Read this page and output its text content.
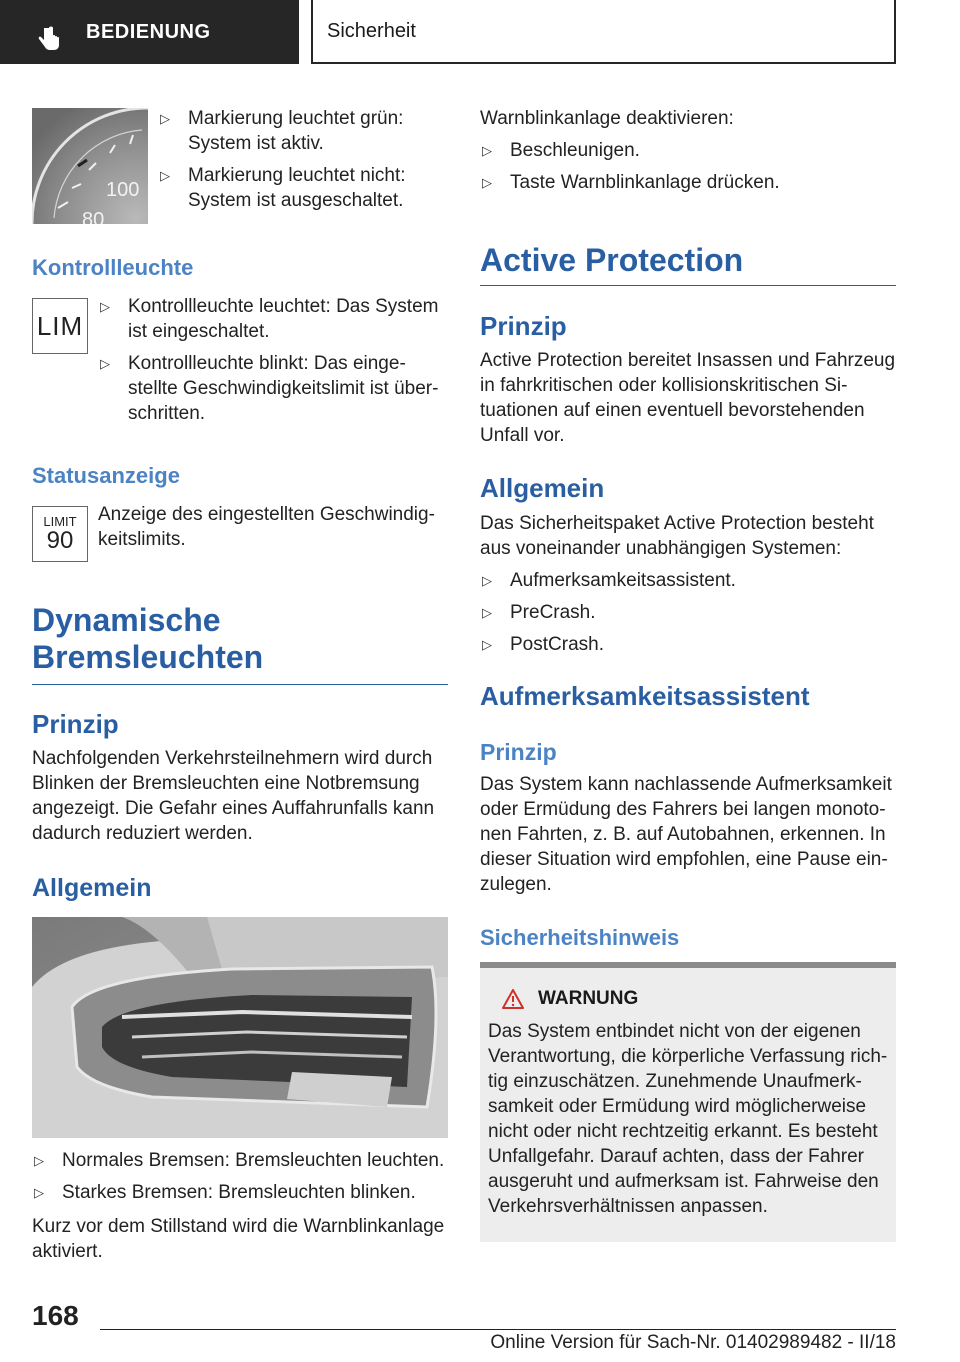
BEDIENUNG	Sicherheit
100
80
▷ Markierung leuchtet grün: System ist aktiv.
▷ Markierung leuchtet nicht: System ist ausgeschaltet.
Kontrollleuchte
LIM
▷ Kontrollleuchte leuchtet: Das System ist eingeschaltet.
▷ Kontrollleuchte blinkt: Das eingestellte Geschwindigkeitslimit ist überschritten.
Statusanzeige
LIMIT
90
Anzeige des eingestellten Geschwindigkeitslimits.
Dynamische Bremsleuchten
Prinzip
Nachfolgenden Verkehrsteilnehmern wird durch Blinken der Bremsleuchten eine Notbremsung angezeigt. Die Gefahr eines Auffahrunfalls kann dadurch reduziert werden.
Allgemein
▷ Normales Bremsen: Bremsleuchten leuchten.
▷ Starkes Bremsen: Bremsleuchten blinken.
Kurz vor dem Stillstand wird die Warnblinkanlage aktiviert.
Warnblinkanlage deaktivieren:
▷ Beschleunigen.
▷ Taste Warnblinkanlage drücken.
Active Protection
Prinzip
Active Protection bereitet Insassen und Fahrzeug in fahrkritischen oder kollisionskritischen Situationen auf einen eventuell bevorstehenden Unfall vor.
Allgemein
Das Sicherheitspaket Active Protection besteht aus voneinander unabhängigen Systemen:
▷ Aufmerksamkeitsassistent.
▷ PreCrash.
▷ PostCrash.
Aufmerksamkeitsassistent
Prinzip
Das System kann nachlassende Aufmerksamkeit oder Ermüdung des Fahrers bei langen monotonen Fahrten, z. B. auf Autobahnen, erkennen. In dieser Situation wird empfohlen, eine Pause einzulegen.
Sicherheitshinweis
WARNUNG
Das System entbindet nicht von der eigenen Verantwortung, die körperliche Verfassung richtig einzuschätzen. Zunehmende Unaufmerksamkeit oder Ermüdung wird möglicherweise nicht oder nicht rechtzeitig erkannt. Es besteht Unfallgefahr. Darauf achten, dass der Fahrer ausgeruht und aufmerksam ist. Fahrweise den Verkehrsverhältnissen anpassen.
168
Online Version für Sach-Nr. 01402989482 - II/18
